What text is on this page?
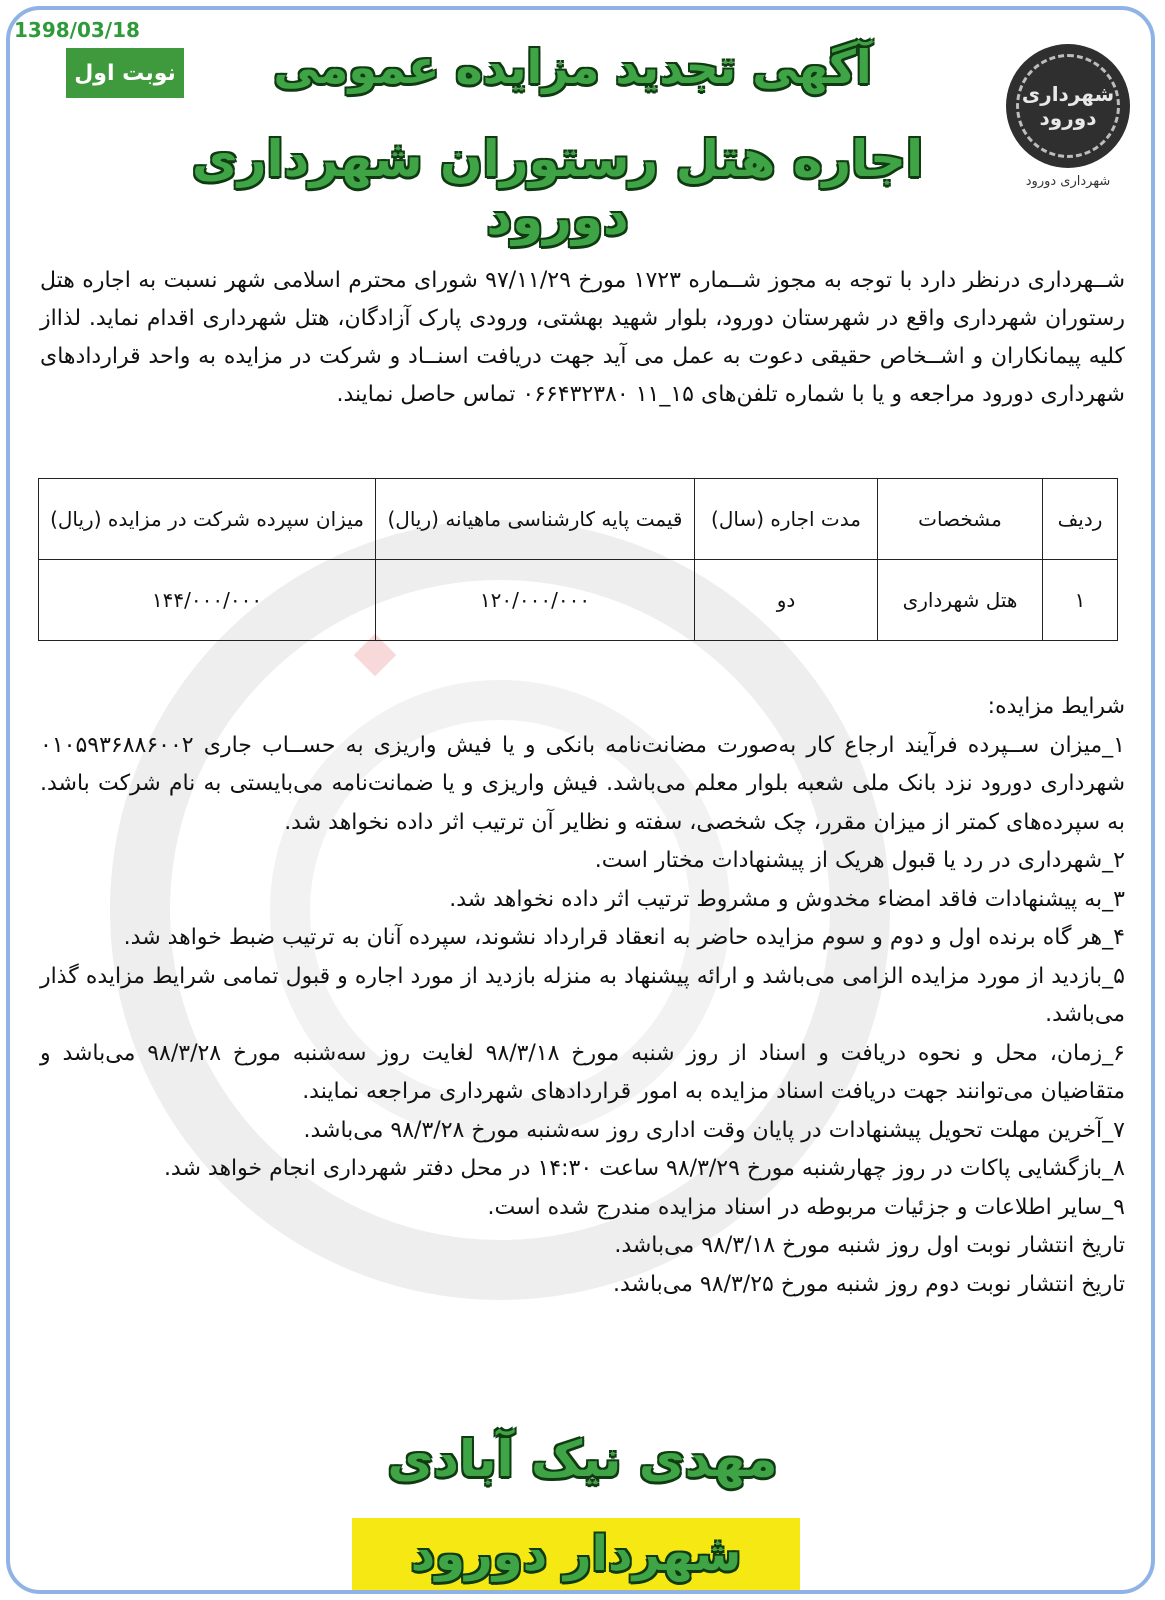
1398/03/18
نوبت اول
شهرداری دورود
شهرداری دورود
آگهی تجدید مزایده عمومی
اجاره هتل رستوران شهرداری دورود
شــهرداری درنظر دارد با توجه به مجوز شــماره ۱۷۲۳ مورخ ۹۷/۱۱/۲۹ شورای محترم اسلامی شهر نسبت به اجاره هتل رستوران شهرداری واقع در شهرستان دورود، بلوار شهید بهشتی، ورودی پارک آزادگان، هتل شهرداری اقدام نماید. لذااز کلیه پیمانکاران و اشــخاص حقیقی دعوت به عمل می آید جهت دریافت اسنــاد و شرکت در مزایده به واحد قراردادهای شهرداری دورود مراجعه و یا با شماره تلفن‌های ۱۵_۱۱ ۰۶۶۴۳۲۳۸۰ تماس حاصل نمایند.
ردیف	مشخصات	مدت اجاره (سال)	قیمت پایه کارشناسی ماهیانه (ریال)	میزان سپرده شرکت در مزایده (ریال)
۱	هتل شهرداری	دو	۱۲۰/۰۰۰/۰۰۰	۱۴۴/۰۰۰/۰۰۰

شرایط مزایده:

۱_میزان ســپرده فرآیند ارجاع کار به‌صورت مضانت‌نامه بانکی و یا فیش واریزی به حســاب جاری ۰۱۰۵۹۳۶۸۸۶۰۰۲ شهرداری دورود نزد بانک ملی شعبه بلوار معلم می‌باشد. فیش واریزی و یا ضمانت‌نامه می‌بایستی به نام شرکت باشد. به سپرده‌های کمتر از میزان مقرر، چک شخصی، سفته و نظایر آن ترتیب اثر داده نخواهد شد.

۲_شهرداری در رد یا قبول هریک از پیشنهادات مختار است.

۳_به پیشنهادات فاقد امضاء مخدوش و مشروط ترتیب اثر داده نخواهد شد.

۴_هر گاه برنده اول و دوم و سوم مزایده حاضر به انعقاد قرارداد نشوند، سپرده آنان به ترتیب ضبط خواهد شد.

۵_بازدید از مورد مزایده الزامی می‌باشد و ارائه پیشنهاد به منزله بازدید از مورد اجاره و قبول تمامی شرایط مزایده گذار می‌باشد.

۶_زمان، محل و نحوه دریافت و اسناد از روز شنبه مورخ ۹۸/۳/۱۸ لغایت روز سه‌شنبه مورخ ۹۸/۳/۲۸ می‌باشد و متقاضیان می‌توانند جهت دریافت اسناد مزایده به امور قراردادهای شهرداری مراجعه نمایند.

۷_آخرین مهلت تحویل پیشنهادات در پایان وقت اداری روز سه‌شنبه مورخ ۹۸/۳/۲۸ می‌باشد.

۸_بازگشایی پاکات در روز چهارشنبه مورخ ۹۸/۳/۲۹ ساعت ۱۴:۳۰ در محل دفتر شهرداری انجام خواهد شد.

۹_سایر اطلاعات و جزئیات مربوطه در اسناد مزایده مندرج شده است.

تاریخ انتشار نوبت اول روز شنبه مورخ ۹۸/۳/۱۸ می‌باشد.

تاریخ انتشار نوبت دوم روز شنبه مورخ ۹۸/۳/۲۵ می‌باشد.

مهدی نیک آبادی
شهردار دورود
